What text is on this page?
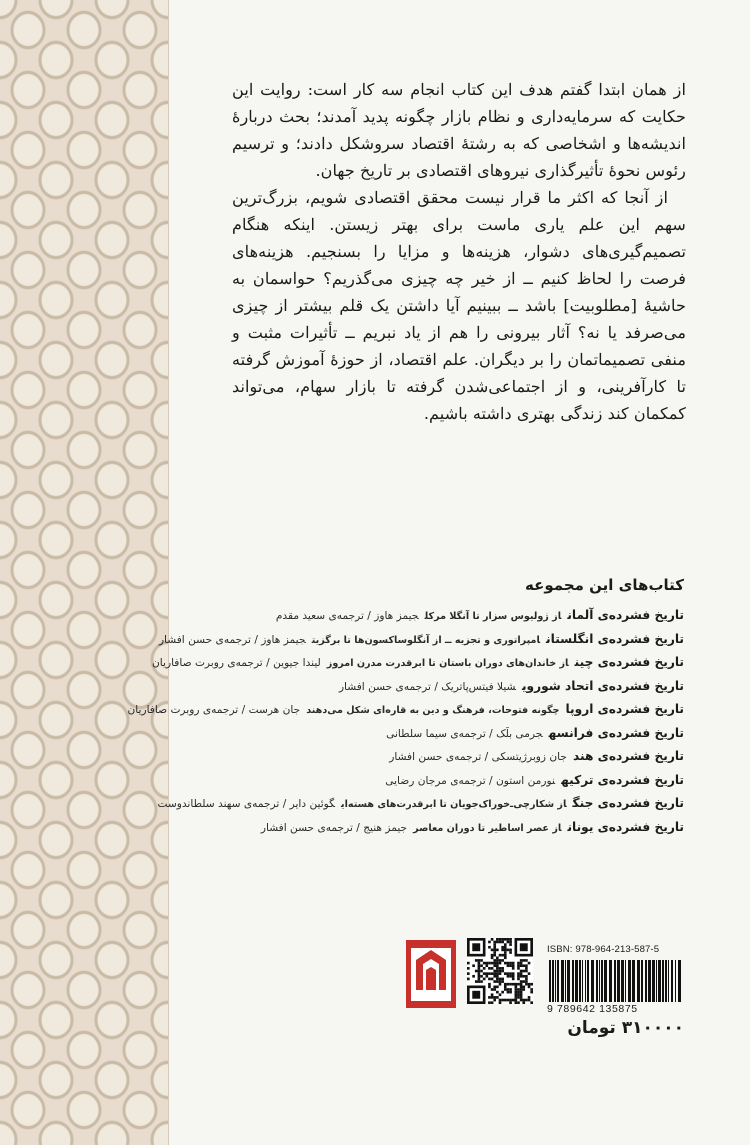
از همان ابتدا گفتم هدف این کتاب انجام سه کار است: روایت این حکایت که سرمایه‌داری و نظام بازار چگونه پدید آمدند؛ بحث دربارهٔ اندیشه‌ها و اشخاصی که به رشتهٔ اقتصاد سروشکل دادند؛ و ترسیم رئوس نحوهٔ تأثیرگذاری نیروهای اقتصادی بر تاریخ جهان.

از آنجا که اکثر ما قرار نیست محقق اقتصادی شویم، بزرگ‌ترین سهم این علم یاری ماست برای بهتر زیستن. اینکه هنگام تصمیم‌گیری‌های دشوار، هزینه‌ها و مزایا را بسنجیم. هزینه‌های فرصت را لحاظ کنیم ــ از خیر چه چیزی می‌گذریم؟ حواسمان به حاشیهٔ [مطلوبیت] باشد ــ ببینیم آیا داشتن یک قلم بیشتر از چیزی می‌صرفد یا نه؟ آثار بیرونی را هم از یاد نبریم ــ تأثیرات مثبت و منفی تصمیماتمان را بر دیگران. علم اقتصاد، از حوزهٔ آموزش گرفته تا کارآفرینی، و از اجتماعی‌شدن گرفته تا بازار سهام، می‌تواند کمکمان کند زندگی بهتری داشته باشیم.

کتاب‌های این مجموعه
تاریخ فشرده‌ی آلماناز ژولیوس سزار تا آنگلا مرکلجیمز هاوز / ترجمه‌ی سعید مقدم
تاریخ فشرده‌ی انگلستانامپراتوری و تجزیه ــ از آنگلوساکسون‌ها تا برگزیتجیمز هاوز / ترجمه‌ی حسن افشار
تاریخ فشرده‌ی چیناز خاندان‌های دوران باستان تا ابرقدرت مدرن امروزلیندا جیوین / ترجمه‌ی روبرت صافاریان
تاریخ فشرده‌ی اتحاد شورویشیلا فیتس‌پاتریک / ترجمه‌ی حسن افشار
تاریخ فشرده‌ی اروپاچگونه فتوحات، فرهنگ و دین به قاره‌ای شکل می‌دهندجان هرست / ترجمه‌ی روبرت صافاریان
تاریخ فشرده‌ی فرانسهجرمی بلَک / ترجمه‌ی سیما سلطانی
تاریخ فشرده‌ی هندجان زوبرژیتسکی / ترجمه‌ی حسن افشار
تاریخ فشرده‌ی ترکیهنورمن استون / ترجمه‌ی مرجان رضایی
تاریخ فشرده‌ی جنگاز شکارچی‌ـ‌خوراک‌جویان تا ابرقدرت‌های هسته‌ایگوئین دایر / ترجمه‌ی سهند سلطاندوست
تاریخ فشرده‌ی یوناناز عصر اساطیر تا دوران معاصرجیمز هنیج / ترجمه‌ی حسن افشار
ISBN: 978-964-213-587-5
9 789642 135875
۳۱۰۰۰۰ تومان
